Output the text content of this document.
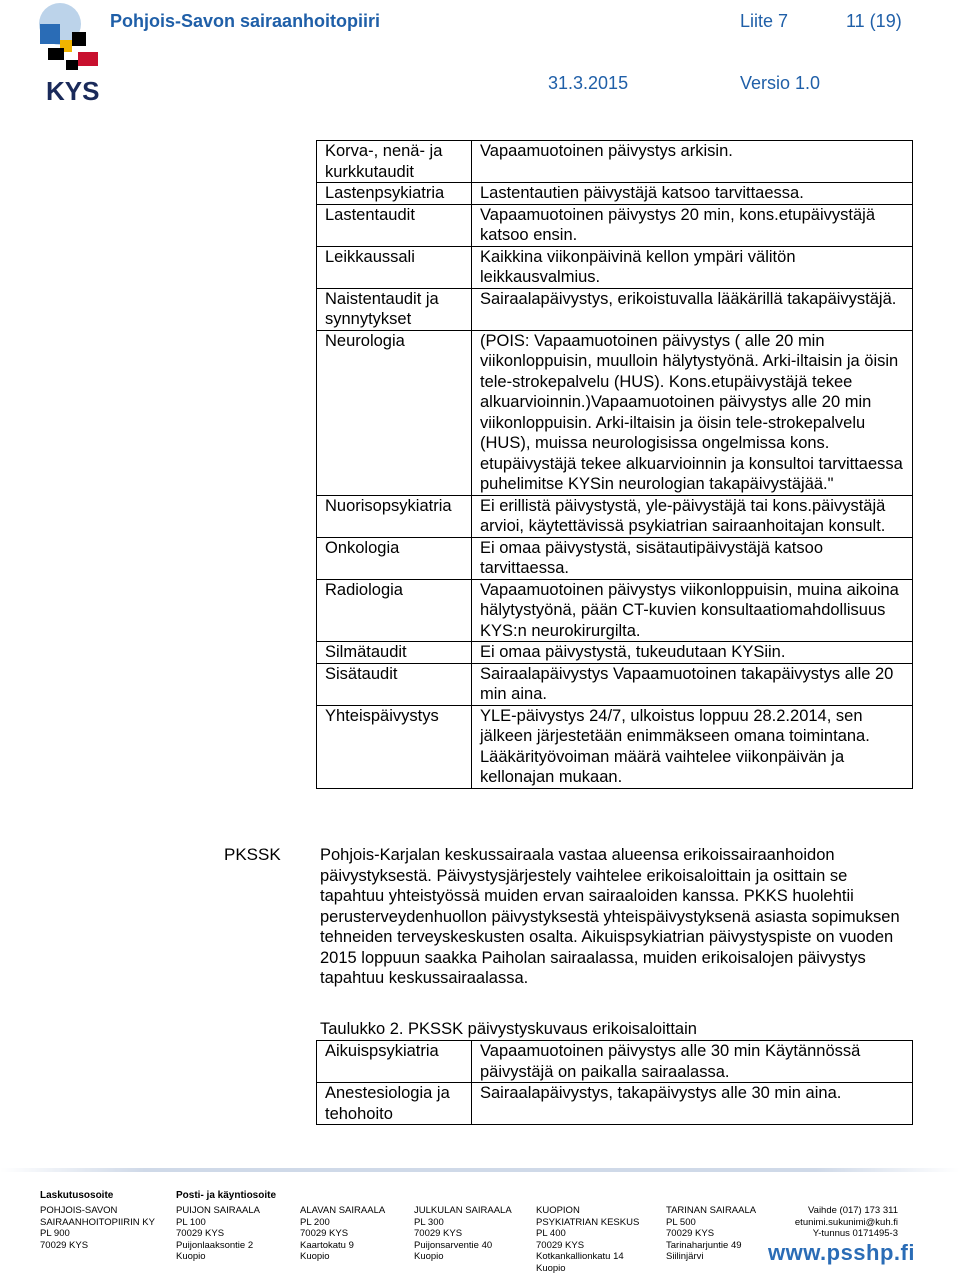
KYS
Pohjois-Savon sairaanhoitopiiri	Liite 7	11 (19)
31.3.2015	Versio 1.0
Korva-, nenä- ja kurkkutaudit	Vapaamuotoinen päivystys arkisin.
Lastenpsykiatria	Lastentautien päivystäjä katsoo tarvittaessa.
Lastentaudit	Vapaamuotoinen päivystys 20 min, kons.etupäivystäjä katsoo ensin.
Leikkaussali	Kaikkina viikonpäivinä kellon ympäri välitön leikkausvalmius.
Naistentaudit ja synnytykset	Sairaalapäivystys, erikoistuvalla lääkärillä takapäivystäjä.
Neurologia	(POIS: Vapaamuotoinen päivystys ( alle 20 min viikonloppuisin, muulloin hälytystyönä. Arki-iltaisin ja öisin tele-strokepalvelu (HUS). Kons.etupäivystäjä tekee alkuarvioinnin.)Vapaamuotoinen päivystys alle 20 min viikonloppuisin. Arki-iltaisin ja öisin tele-strokepalvelu (HUS), muissa neurologisissa ongelmissa kons. etupäivystäjä tekee alkuarvioinnin ja konsultoi tarvittaessa puhelimitse KYSin neurologian takapäivystäjää."
Nuorisopsykiatria	Ei erillistä päivystystä, yle-päivystäjä tai kons.päivystäjä arvioi, käytettävissä psykiatrian sairaanhoitajan konsult.
Onkologia	Ei omaa päivystystä, sisätautipäivystäjä katsoo tarvittaessa.
Radiologia	Vapaamuotoinen päivystys viikonloppuisin, muina aikoina hälytystyönä, pään CT-kuvien konsultaatiomahdollisuus KYS:n neurokirurgilta.
Silmätaudit	Ei omaa päivystystä, tukeudutaan KYSiin.
Sisätaudit	Sairaalapäivystys Vapaamuotoinen takapäivystys alle 20 min aina.
Yhteispäivystys	YLE-päivystys 24/7, ulkoistus loppuu 28.2.2014, sen jälkeen järjestetään enimmäkseen omana toimintana. Lääkärityövoiman määrä vaihtelee viikonpäivän ja kellonajan mukaan.
PKSSK Pohjois-Karjalan keskussairaala vastaa alueensa erikoissairaanhoidon päivystyksestä. Päivystysjärjestely vaihtelee erikoisaloittain ja osittain se tapahtuu yhteistyössä muiden ervan sairaaloiden kanssa. PKKS huolehtii perusterveydenhuollon päivystyksestä yhteispäivystyksenä asiasta sopimuksen tehneiden terveyskeskusten osalta. Aikuispsykiatrian päivystyspiste on vuoden 2015 loppuun saakka Paiholan sairaalassa, muiden erikoisalojen päivystys tapahtuu keskussairaalassa.
Taulukko 2. PKSSK päivystyskuvaus erikoisaloittain
Aikuispsykiatria	Vapaamuotoinen päivystys alle 30 min Käytännössä päivystäjä on paikalla sairaalassa.
Anestesiologia ja tehohoito	Sairaalapäivystys, takapäivystys alle 30 min aina.
Laskutusosoite	Posti- ja käyntiosoite
POHJOIS-SAVON
SAIRAANHOITOPIIRIN KY
PL 900
70029 KYS
PUIJON SAIRAALA
PL 100
70029 KYS
Puijonlaaksontie 2
Kuopio
ALAVAN SAIRAALA
PL 200
70029 KYS
Kaartokatu 9
Kuopio
JULKULAN SAIRAALA
PL 300
70029 KYS
Puijonsarventie 40
Kuopio
KUOPION
PSYKIATRIAN KESKUS
PL 400
70029 KYS
Kotkankallionkatu 14
Kuopio
TARINAN SAIRAALA
PL 500
70029 KYS
Tarinaharjuntie 49
Siilinjärvi
Vaihde (017) 173 311
etunimi.sukunimi@kuh.fi
Y-tunnus 0171495-3
www.psshp.fi
